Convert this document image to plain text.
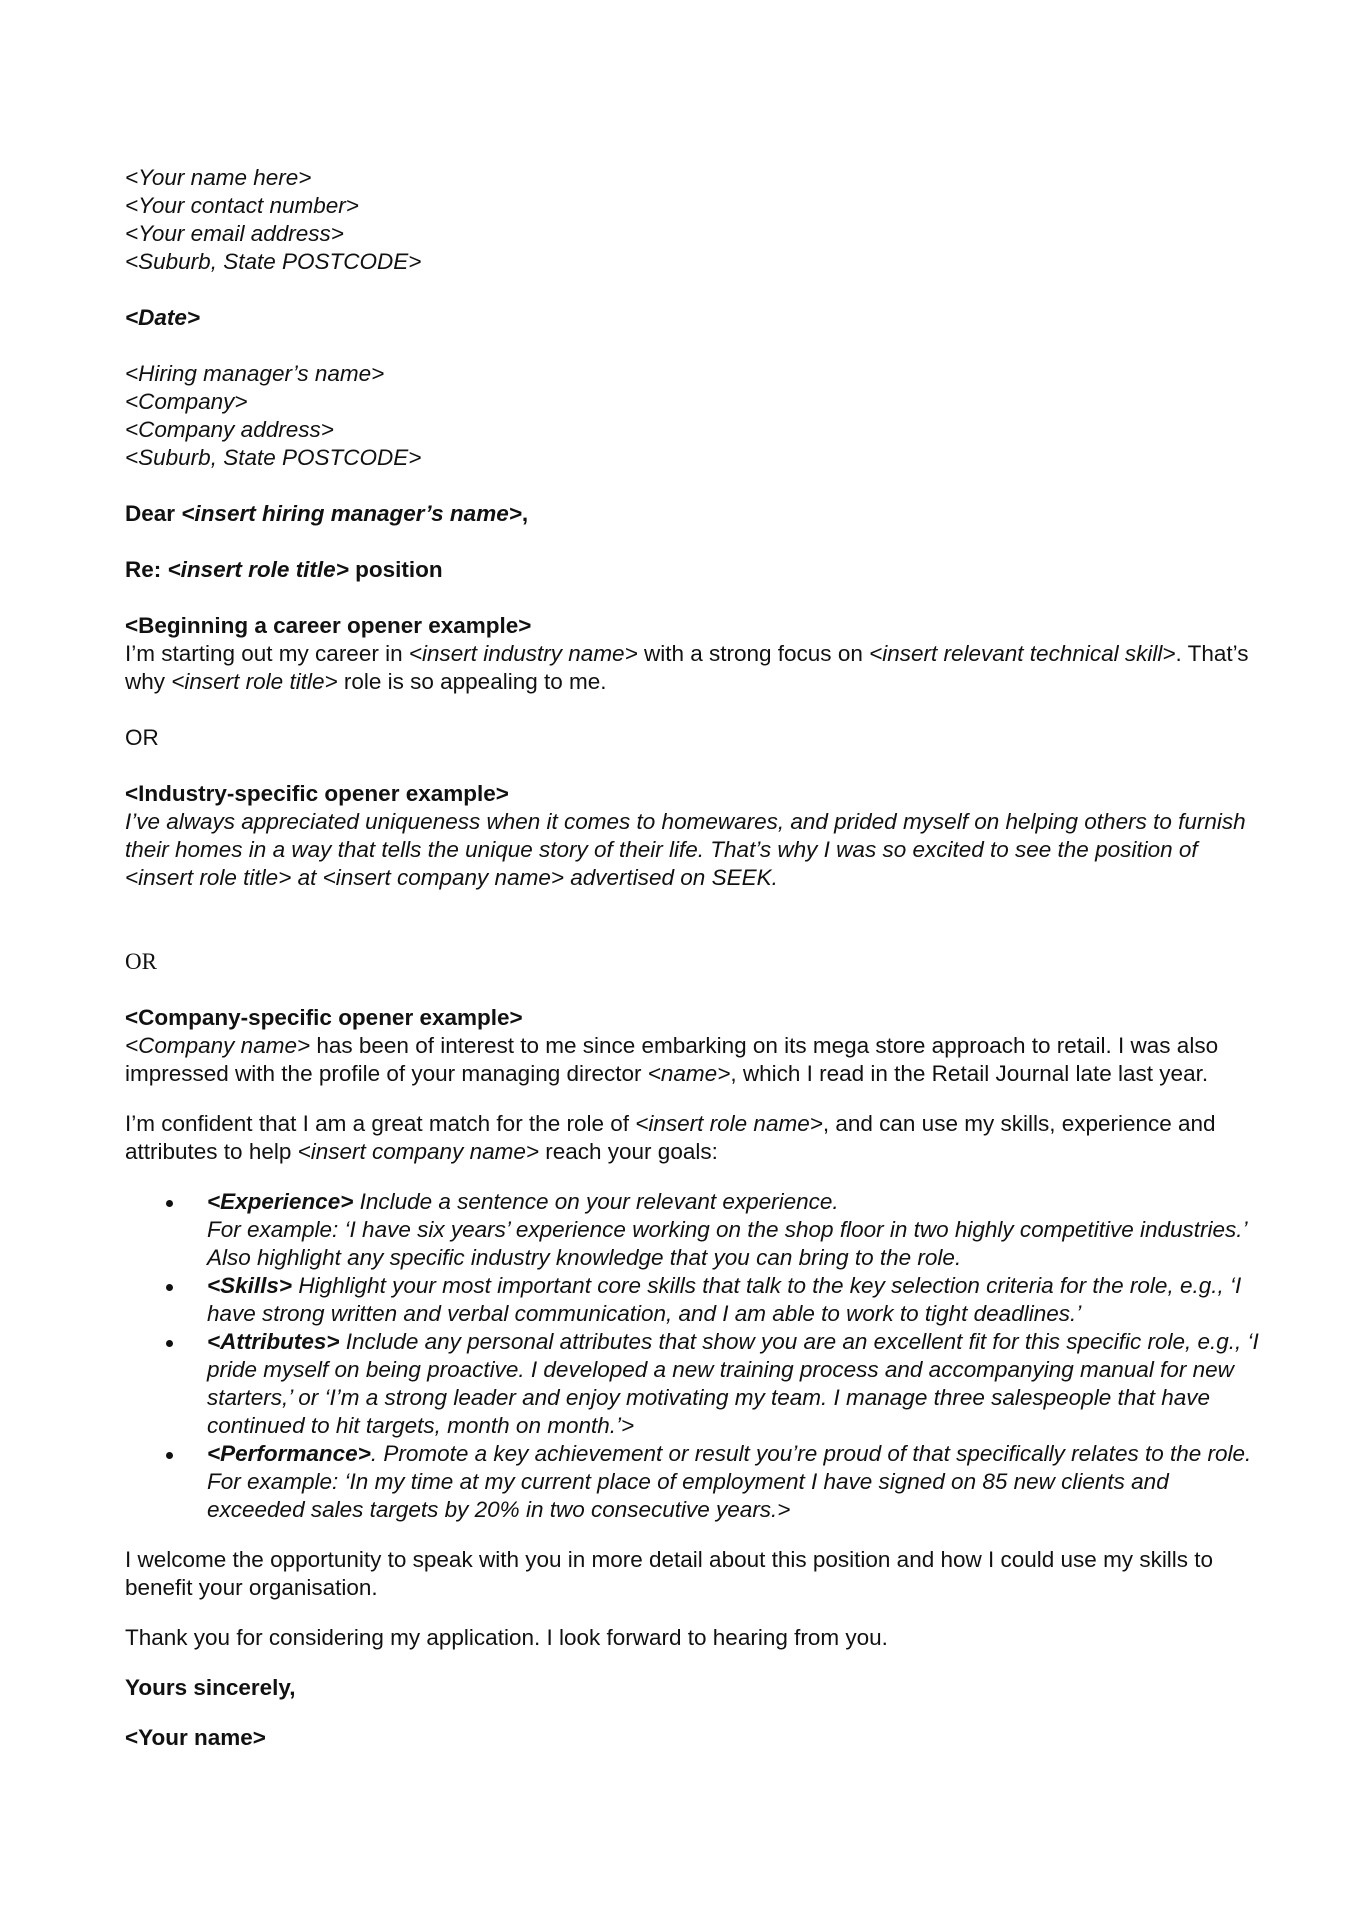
<Your name here>

<Your contact number>

<Your email address>

<Suburb, State POSTCODE>

<Date>

<Hiring manager’s name>

<Company>

<Company address>

<Suburb, State POSTCODE>

Dear <insert hiring manager’s name>,

Re: <insert role title> position

<Beginning a career opener example>

I’m starting out my career in <insert industry name> with a strong focus on <insert relevant technical skill>. That’s why <insert role title> role is so appealing to me.

OR

<Industry-specific opener example>

I’ve always appreciated uniqueness when it comes to homewares, and prided myself on helping others to furnish their homes in a way that tells the unique story of their life. That’s why I was so excited to see the position of <insert role title> at <insert company name> advertised on SEEK.

OR

<Company-specific opener example>

<Company name> has been of interest to me since embarking on its mega store approach to retail. I was also impressed with the profile of your managing director <name>, which I read in the Retail Journal late last year.

I’m confident that I am a great match for the role of <insert role name>, and can use my skills, experience and attributes to help <insert company name> reach your goals:

<Experience> Include a sentence on your relevant experience.
For example: ‘I have six years’ experience working on the shop floor in two highly competitive industries.’ Also highlight any specific industry knowledge that you can bring to the role.
<Skills> Highlight your most important core skills that talk to the key selection criteria for the role, e.g., ‘I have strong written and verbal communication, and I am able to work to tight deadlines.’
<Attributes> Include any personal attributes that show you are an excellent fit for this specific role, e.g., ‘I pride myself on being proactive. I developed a new training process and accompanying manual for new starters,’ or ‘I’m a strong leader and enjoy motivating my team. I manage three salespeople that have continued to hit targets, month on month.’>
<Performance>. Promote a key achievement or result you’re proud of that specifically relates to the role. For example: ‘In my time at my current place of employment I have signed on 85 new clients and exceeded sales targets by 20% in two consecutive years.>

I welcome the opportunity to speak with you in more detail about this position and how I could use my skills to benefit your organisation.

Thank you for considering my application. I look forward to hearing from you.

Yours sincerely,

<Your name>
